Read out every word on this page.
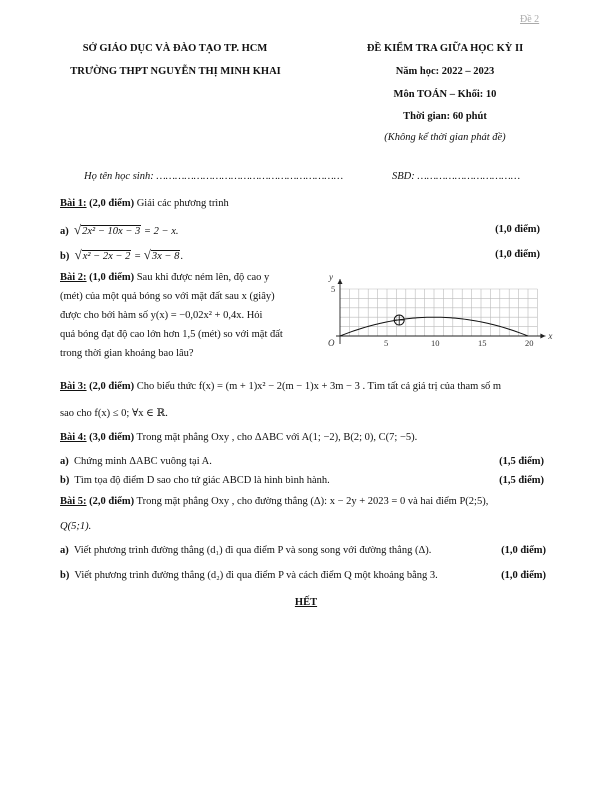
Đề 2
SỞ GIÁO DỤC VÀ ĐÀO TẠO TP. HCM
TRƯỜNG THPT NGUYỄN THỊ MINH KHAI
ĐỀ KIỂM TRA GIỮA HỌC KỲ II
Năm học: 2022 – 2023
Môn TOÁN – Khối: 10
Thời gian: 60 phút
(Không kể thời gian phát đề)
Họ tên học sinh: ……………………………………………………	SBD: ……………………………
Bài 1: (2,0 điểm) Giải các phương trình
a) √2x² − 10x − 3 = 2 − x.	(1,0 điểm)
b) √x² − 2x − 2 = √3x − 8.	(1,0 điểm)
Bài 2: (1,0 điểm) Sau khi được ném lên, độ cao y
(mét) của một quả bóng so với mặt đất sau x (giây)
được cho bởi hàm số y(x) = −0,02x² + 0,4x. Hỏi
quả bóng đạt độ cao lớn hơn 1,5 (mét) so với mặt đất
trong thời gian khoảng bao lâu?
x
y
O	5	10	15	20
5
Bài 3: (2,0 điểm) Cho biểu thức f(x) = (m + 1)x² − 2(m − 1)x + 3m − 3 . Tìm tất cả giá trị của tham số m
sao cho f(x) ≤ 0; ∀x ∈ ℝ.
Bài 4: (3,0 điểm) Trong mặt phẳng Oxy , cho ΔABC với A(1; −2), B(2; 0), C(7; −5).
a) Chứng minh ΔABC vuông tại A.	(1,5 điểm)
b) Tìm tọa độ điểm D sao cho tứ giác ABCD là hình bình hành.	(1,5 điểm)
Bài 5: (2,0 điểm) Trong mặt phẳng Oxy , cho đường thẳng (Δ): x − 2y + 2023 = 0 và hai điểm P(2;5),
Q(5;1).
a) Viết phương trình đường thẳng (d₁) đi qua điểm P và song song với đường thẳng (Δ).	(1,0 điểm)
b) Viết phương trình đường thẳng (d₂) đi qua điểm P và cách điểm Q một khoảng bằng 3.	(1,0 điểm)
HẾT
